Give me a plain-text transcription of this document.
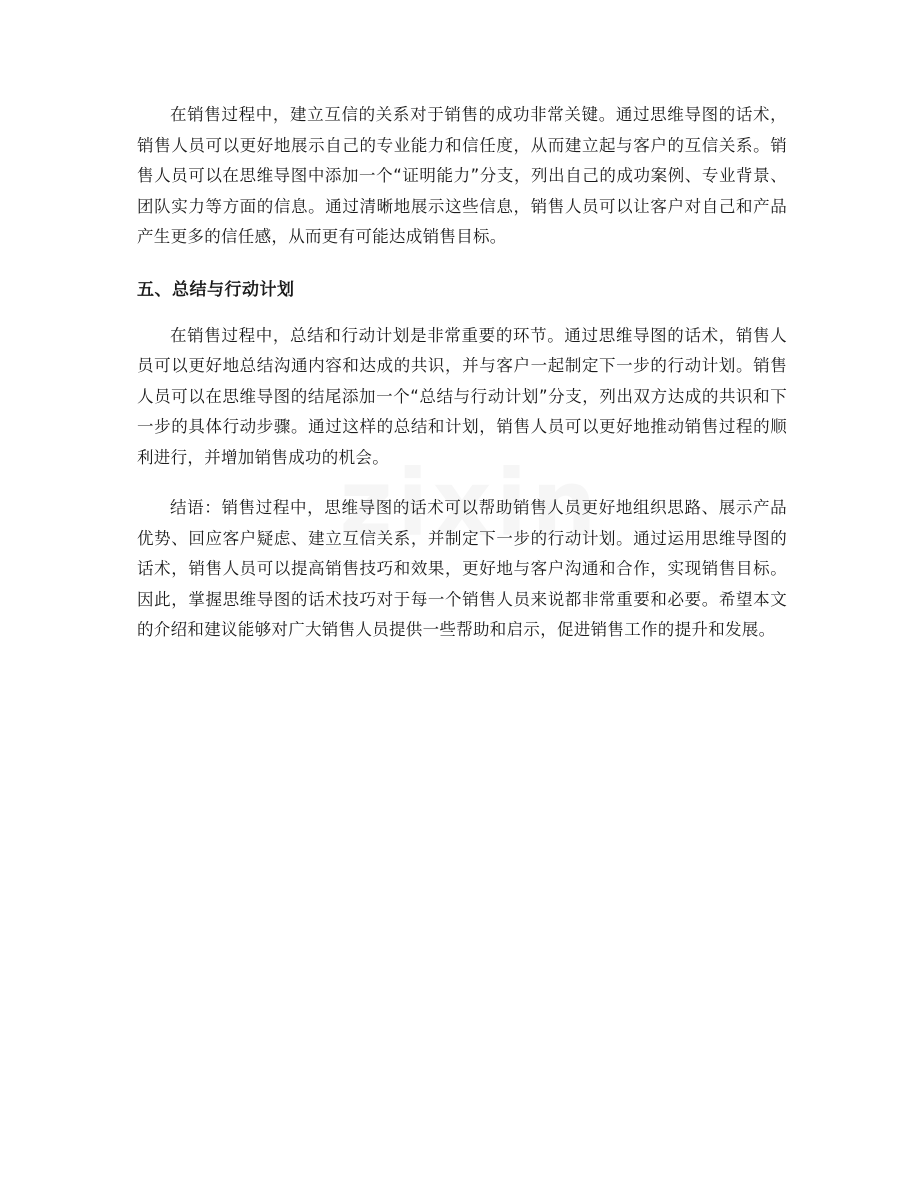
在销售过程中，建立互信的关系对于销售的成功非常关键。通过思维导图的话术，销售人员可以更好地展示自己的专业能力和信任度，从而建立起与客户的互信关系。销售人员可以在思维导图中添加一个“证明能力”分支，列出自己的成功案例、专业背景、团队实力等方面的信息。通过清晰地展示这些信息，销售人员可以让客户对自己和产品产生更多的信任感，从而更有可能达成销售目标。

五、总结与行动计划

在销售过程中，总结和行动计划是非常重要的环节。通过思维导图的话术，销售人员可以更好地总结沟通内容和达成的共识，并与客户一起制定下一步的行动计划。销售人员可以在思维导图的结尾添加一个“总结与行动计划”分支，列出双方达成的共识和下一步的具体行动步骤。通过这样的总结和计划，销售人员可以更好地推动销售过程的顺利进行，并增加销售成功的机会。

结语：销售过程中，思维导图的话术可以帮助销售人员更好地组织思路、展示产品优势、回应客户疑虑、建立互信关系，并制定下一步的行动计划。通过运用思维导图的话术，销售人员可以提高销售技巧和效果，更好地与客户沟通和合作，实现销售目标。因此，掌握思维导图的话术技巧对于每一个销售人员来说都非常重要和必要。希望本文的介绍和建议能够对广大销售人员提供一些帮助和启示，促进销售工作的提升和发展。
